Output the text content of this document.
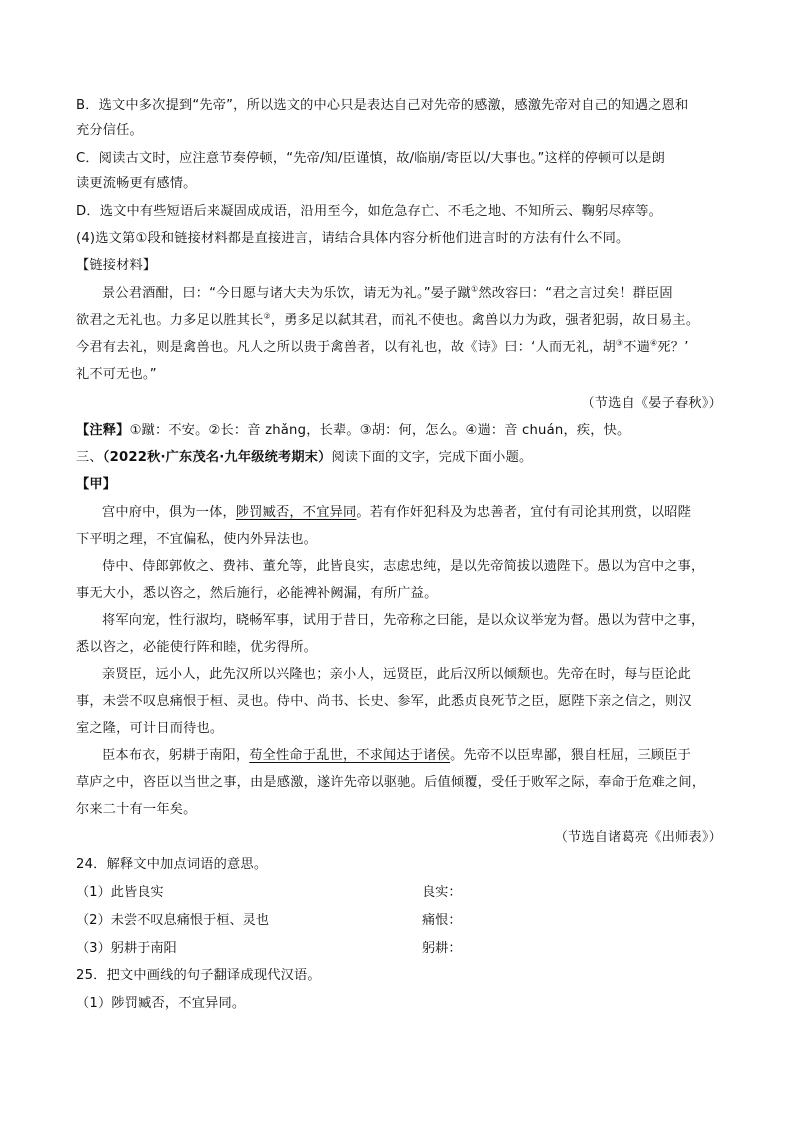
B．选文中多次提到“先帝”，所以选文的中心只是表达自己对先帝的感激，感激先帝对自己的知遇之恩和
充分信任。
C．阅读古文时，应注意节奏停顿，“先帝/知/臣谨慎，故/临崩/寄臣以/大事也。”这样的停顿可以是朗
读更流畅更有感情。
D．选文中有些短语后来凝固成成语，沿用至今，如危急存亡、不毛之地、不知所云、鞠躬尽瘁等。
(4)选文第①段和链接材料都是直接进言，请结合具体内容分析他们进言时的方法有什么不同。
【链接材料】
景公君酒酣，曰：“今日愿与诸大夫为乐饮，请无为礼。”晏子蹴①然改容曰：“君之言过矣！群臣固
欲君之无礼也。力多足以胜其长②，勇多足以弑其君，而礼不使也。禽兽以力为政，强者犯弱，故日易主。
今君有去礼，则是禽兽也。凡人之所以贵于禽兽者，以有礼也，故《诗》曰：‘人而无礼，胡③不遄④死？’
礼不可无也。”
（节选自《晏子春秋》）
【注释】①蹴：不安。②长：音 zhǎng，长辈。③胡：何，怎么。④遄：音 chuán，疾，快。
三、（2022秋·广东茂名·九年级统考期末）阅读下面的文字，完成下面小题。
【甲】
宫中府中，俱为一体，陟罚臧否，不宜异同。若有作奸犯科及为忠善者，宜付有司论其刑赏，以昭陛
下平明之理，不宜偏私，使内外异法也。
侍中、侍郎郭攸之、费祎、董允等，此皆良实，志虑忠纯，是以先帝简拔以遗陛下。愚以为宫中之事，
事无大小，悉以咨之，然后施行，必能裨补阙漏，有所广益。
将军向宠，性行淑均，晓畅军事，试用于昔日，先帝称之曰能，是以众议举宠为督。愚以为营中之事，
悉以咨之，必能使行阵和睦，优劣得所。
亲贤臣，远小人，此先汉所以兴隆也；亲小人，远贤臣，此后汉所以倾颓也。先帝在时，每与臣论此
事，未尝不叹息痛恨于桓、灵也。侍中、尚书、长史、参军，此悉贞良死节之臣，愿陛下亲之信之，则汉
室之隆，可计日而待也。
臣本布衣，躬耕于南阳，苟全性命于乱世，不求闻达于诸侯。先帝不以臣卑鄙，猥自枉屈，三顾臣于
草庐之中，咨臣以当世之事，由是感激，遂许先帝以驱驰。后值倾覆，受任于败军之际，奉命于危难之间，
尔来二十有一年矣。
（节选自诸葛亮《出师表》）
24．解释文中加点词语的意思。
（1）此皆良实	良实：
（2）未尝不叹息痛恨于桓、灵也	痛恨：
（3）躬耕于南阳	躬耕：
25．把文中画线的句子翻译成现代汉语。
（1）陟罚臧否，不宜异同。
